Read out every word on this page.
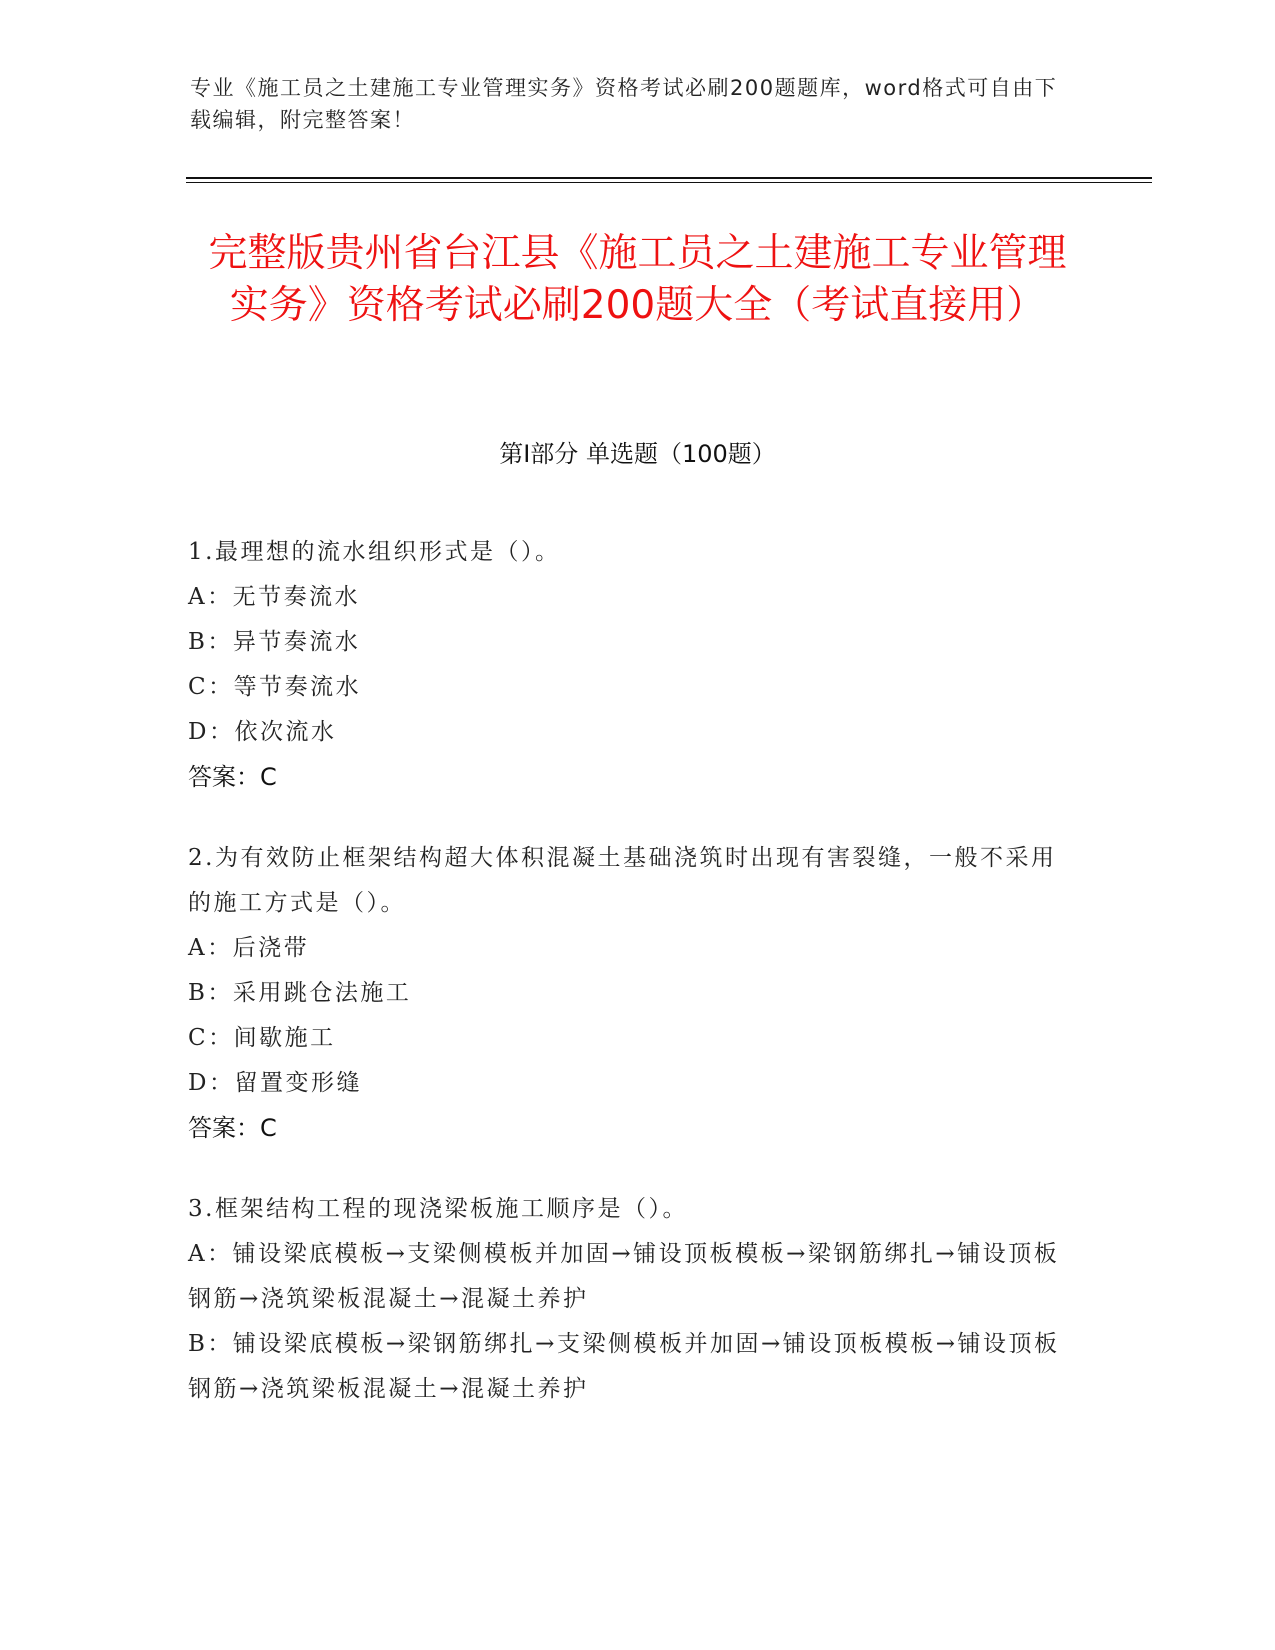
专业《施工员之土建施工专业管理实务》资格考试必刷200题题库，word格式可自由下载编辑，附完整答案！
完整版贵州省台江县《施工员之土建施工专业管理实务》资格考试必刷200题大全（考试直接用）
第Ⅰ部分 单选题（100题）
1.最理想的流水组织形式是（）。
A：无节奏流水
B：异节奏流水
C：等节奏流水
D：依次流水
答案：C
2.为有效防止框架结构超大体积混凝土基础浇筑时出现有害裂缝，一般不采用的施工方式是（）。
A：后浇带
B：采用跳仓法施工
C：间歇施工
D：留置变形缝
答案：C
3.框架结构工程的现浇梁板施工顺序是（）。
A：铺设梁底模板→支梁侧模板并加固→铺设顶板模板→梁钢筋绑扎→铺设顶板钢筋→浇筑梁板混凝土→混凝土养护
B：铺设梁底模板→梁钢筋绑扎→支梁侧模板并加固→铺设顶板模板→铺设顶板钢筋→浇筑梁板混凝土→混凝土养护
